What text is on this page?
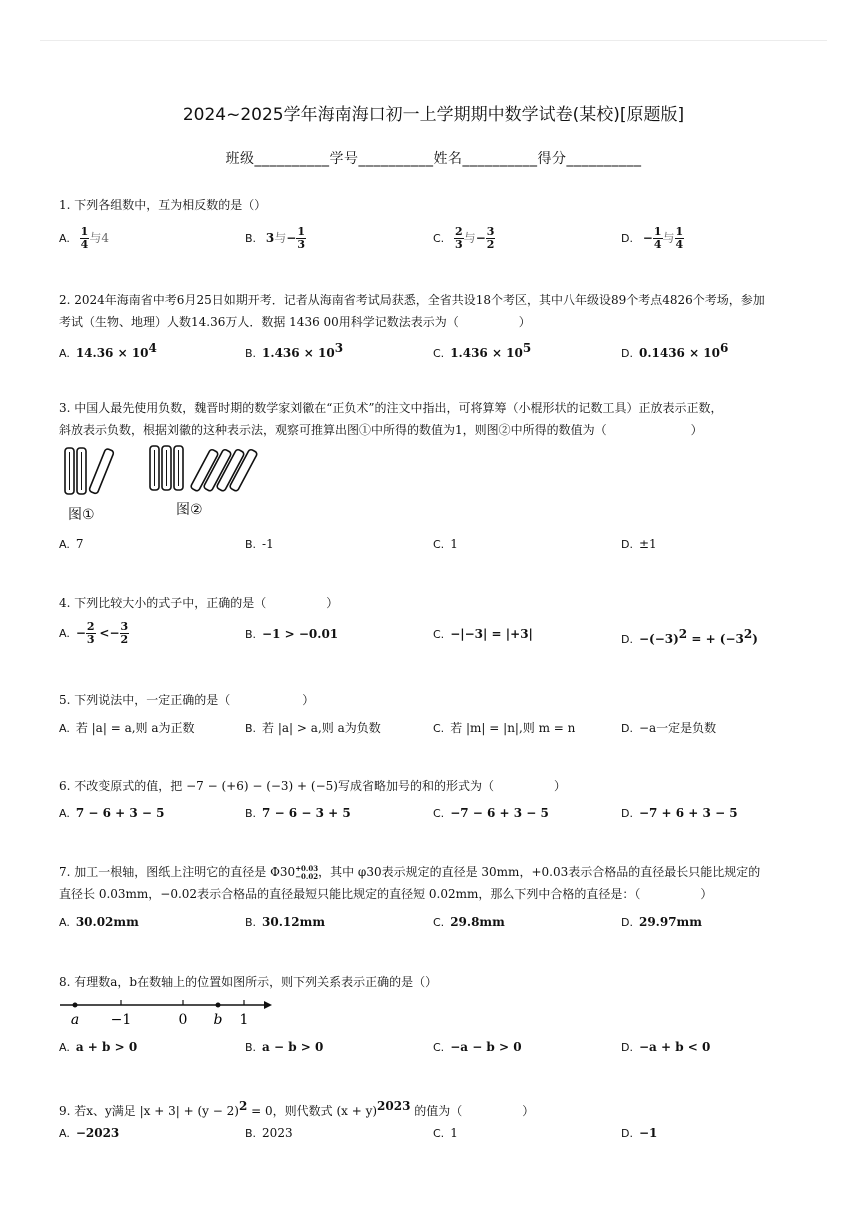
2024~2025学年海南海口初一上学期期中数学试卷(某校)[原题版]
班级__________学号__________姓名__________得分__________
1. 下列各组数中，互为相反数的是（）
A. $\frac{1}{4}$ 与4	B. 3与− $\frac{1}{3}$	C. $\frac{2}{3}$ 与− $\frac{3}{2}$	D. − $\frac{1}{4}$ 与 $\frac{1}{4}$
2. 2024年海南省中考6月25日如期开考．记者从海南省考试局获悉，全省共设18个考区，其中八年级设89个考点4826个考场，参加
考试（生物、地理）人数14.36万人．数据 1436 00用科学记数法表示为（　　　　　）
A. $14.36 \times 10^4$	B. $1.436 \times 10^3$	C. $1.436 \times 10^5$	D. $0.1436 \times 10^6$
3. 中国人最先使用负数，魏晋时期的数学家刘徽在“正负术”的注文中指出，可将算筹（小棍形状的记数工具）正放表示正数，
斜放表示负数，根据刘徽的这种表示法，观察可推算出图①中所得的数值为1，则图②中所得的数值为（　　　　　　　）
图①	图②
A. 7	B. -1	C. 1	D. ±1
4. 下列比较大小的式子中，正确的是（　　　　　）
A. − $\frac{2}{3} <- \frac{3}{2}$	B. −1 > −0.01	C. −|−3| = |+3|	D. $-(-3)^2$ = + $(-3^2)$
5. 下列说法中，一定正确的是（　　　　　　）
A. 若 |a| = a,则 a为正数	B. 若 |a| > a,则 a为负数	C. 若 |m| = |n|,则 m = n	D. −a一定是负数
6. 不改变原式的值，把 −7 − (+6) − (−3) + (−5)写成省略加号的和的形式为（　　　　　）
A. 7 − 6 + 3 − 5	B. 7 − 6 − 3 + 5	C. −7 − 6 + 3 − 5	D. −7 + 6 + 3 − 5
7. 加工一根轴，图纸上注明它的直径是 Φ30 +0.03
−0.02 ，其中 φ30表示规定的直径是 30mm，+0.03表示合格品的直径最长只能比规定的
直径长 0.03mm，−0.02表示合格品的直径最短只能比规定的直径短 0.02mm，那么下列中合格的直径是：（　　　　　）
A. 30.02mm	B. 30.12mm	C. 29.8mm	D. 29.97mm
8. 有理数a，b在数轴上的位置如图所示，则下列关系表示正确的是（）
a −1	0 b 1
A. a + b > 0	B. a − b > 0	C. −a − b > 0	D. −a + b < 0
9. 若x、y满足 $|x + 3| + (y - 2)^2 = 0$，则代数式 $(x + y)^{2023}$ 的值为（　　　　　）
A. −2023	B. 2023	C. 1	D. −1
